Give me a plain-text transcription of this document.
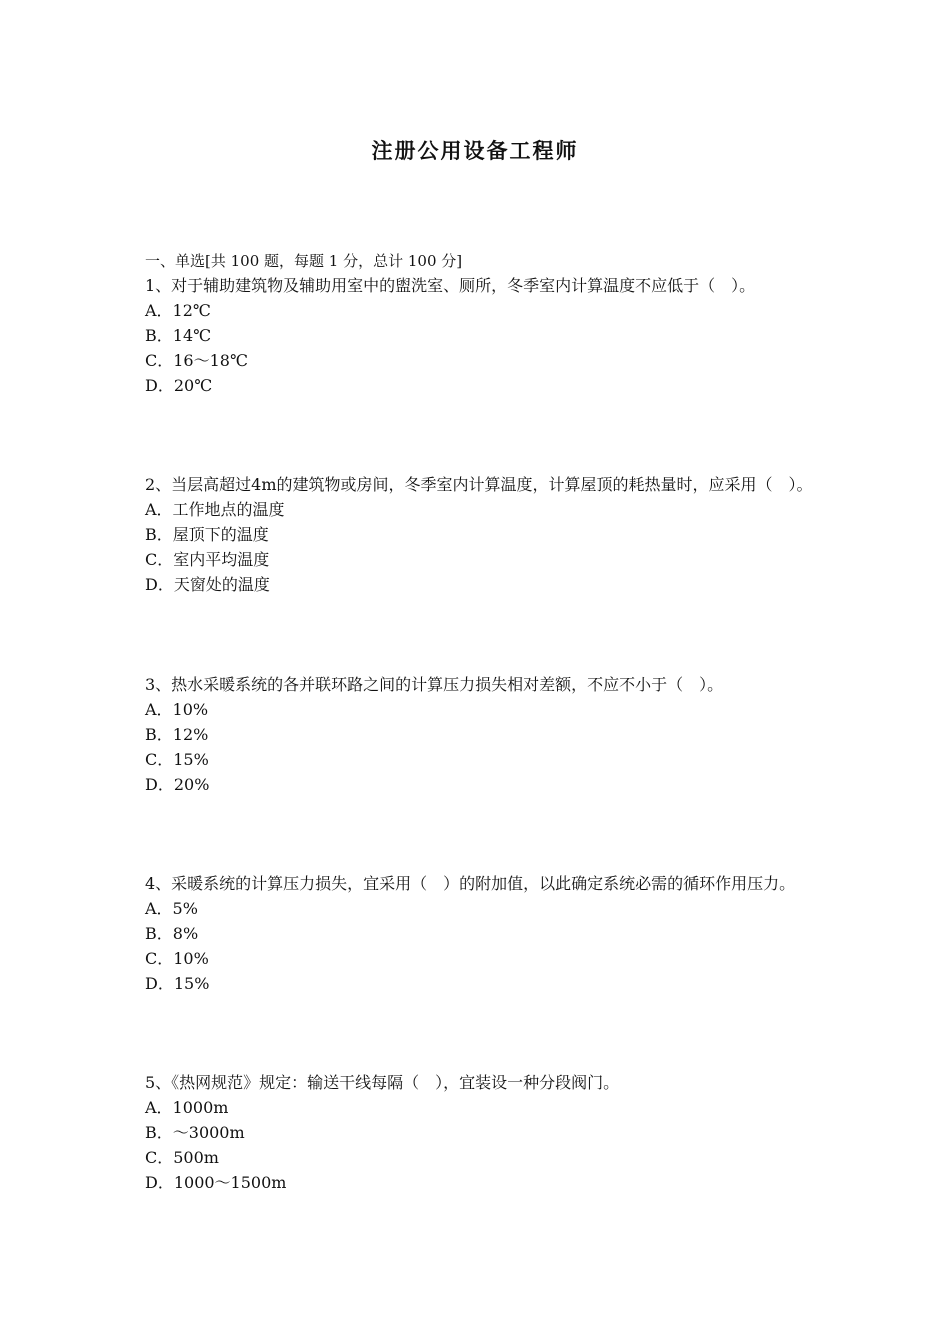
注册公用设备工程师
一、单选[共 100 题，每题 1 分，总计 100 分]

1、对于辅助建筑物及辅助用室中的盥洗室、厕所，冬季室内计算温度不应低于（　）。

A．12℃

B．14℃

C．16～18℃

D．20℃

2、当层高超过4m的建筑物或房间，冬季室内计算温度，计算屋顶的耗热量时，应采用（　）。

A．工作地点的温度

B．屋顶下的温度

C．室内平均温度

D．天窗处的温度

3、热水采暖系统的各并联环路之间的计算压力损失相对差额，不应不小于（　）。

A．10%

B．12%

C．15%

D．20%

4、采暖系统的计算压力损失，宜采用（　）的附加值，以此确定系统必需的循环作用压力。

A．5%

B．8%

C．10%

D．15%

5、《热网规范》规定：输送干线每隔（　），宜装设一种分段阀门。

A．1000m

B．～3000m

C．500m

D．1000～1500m
